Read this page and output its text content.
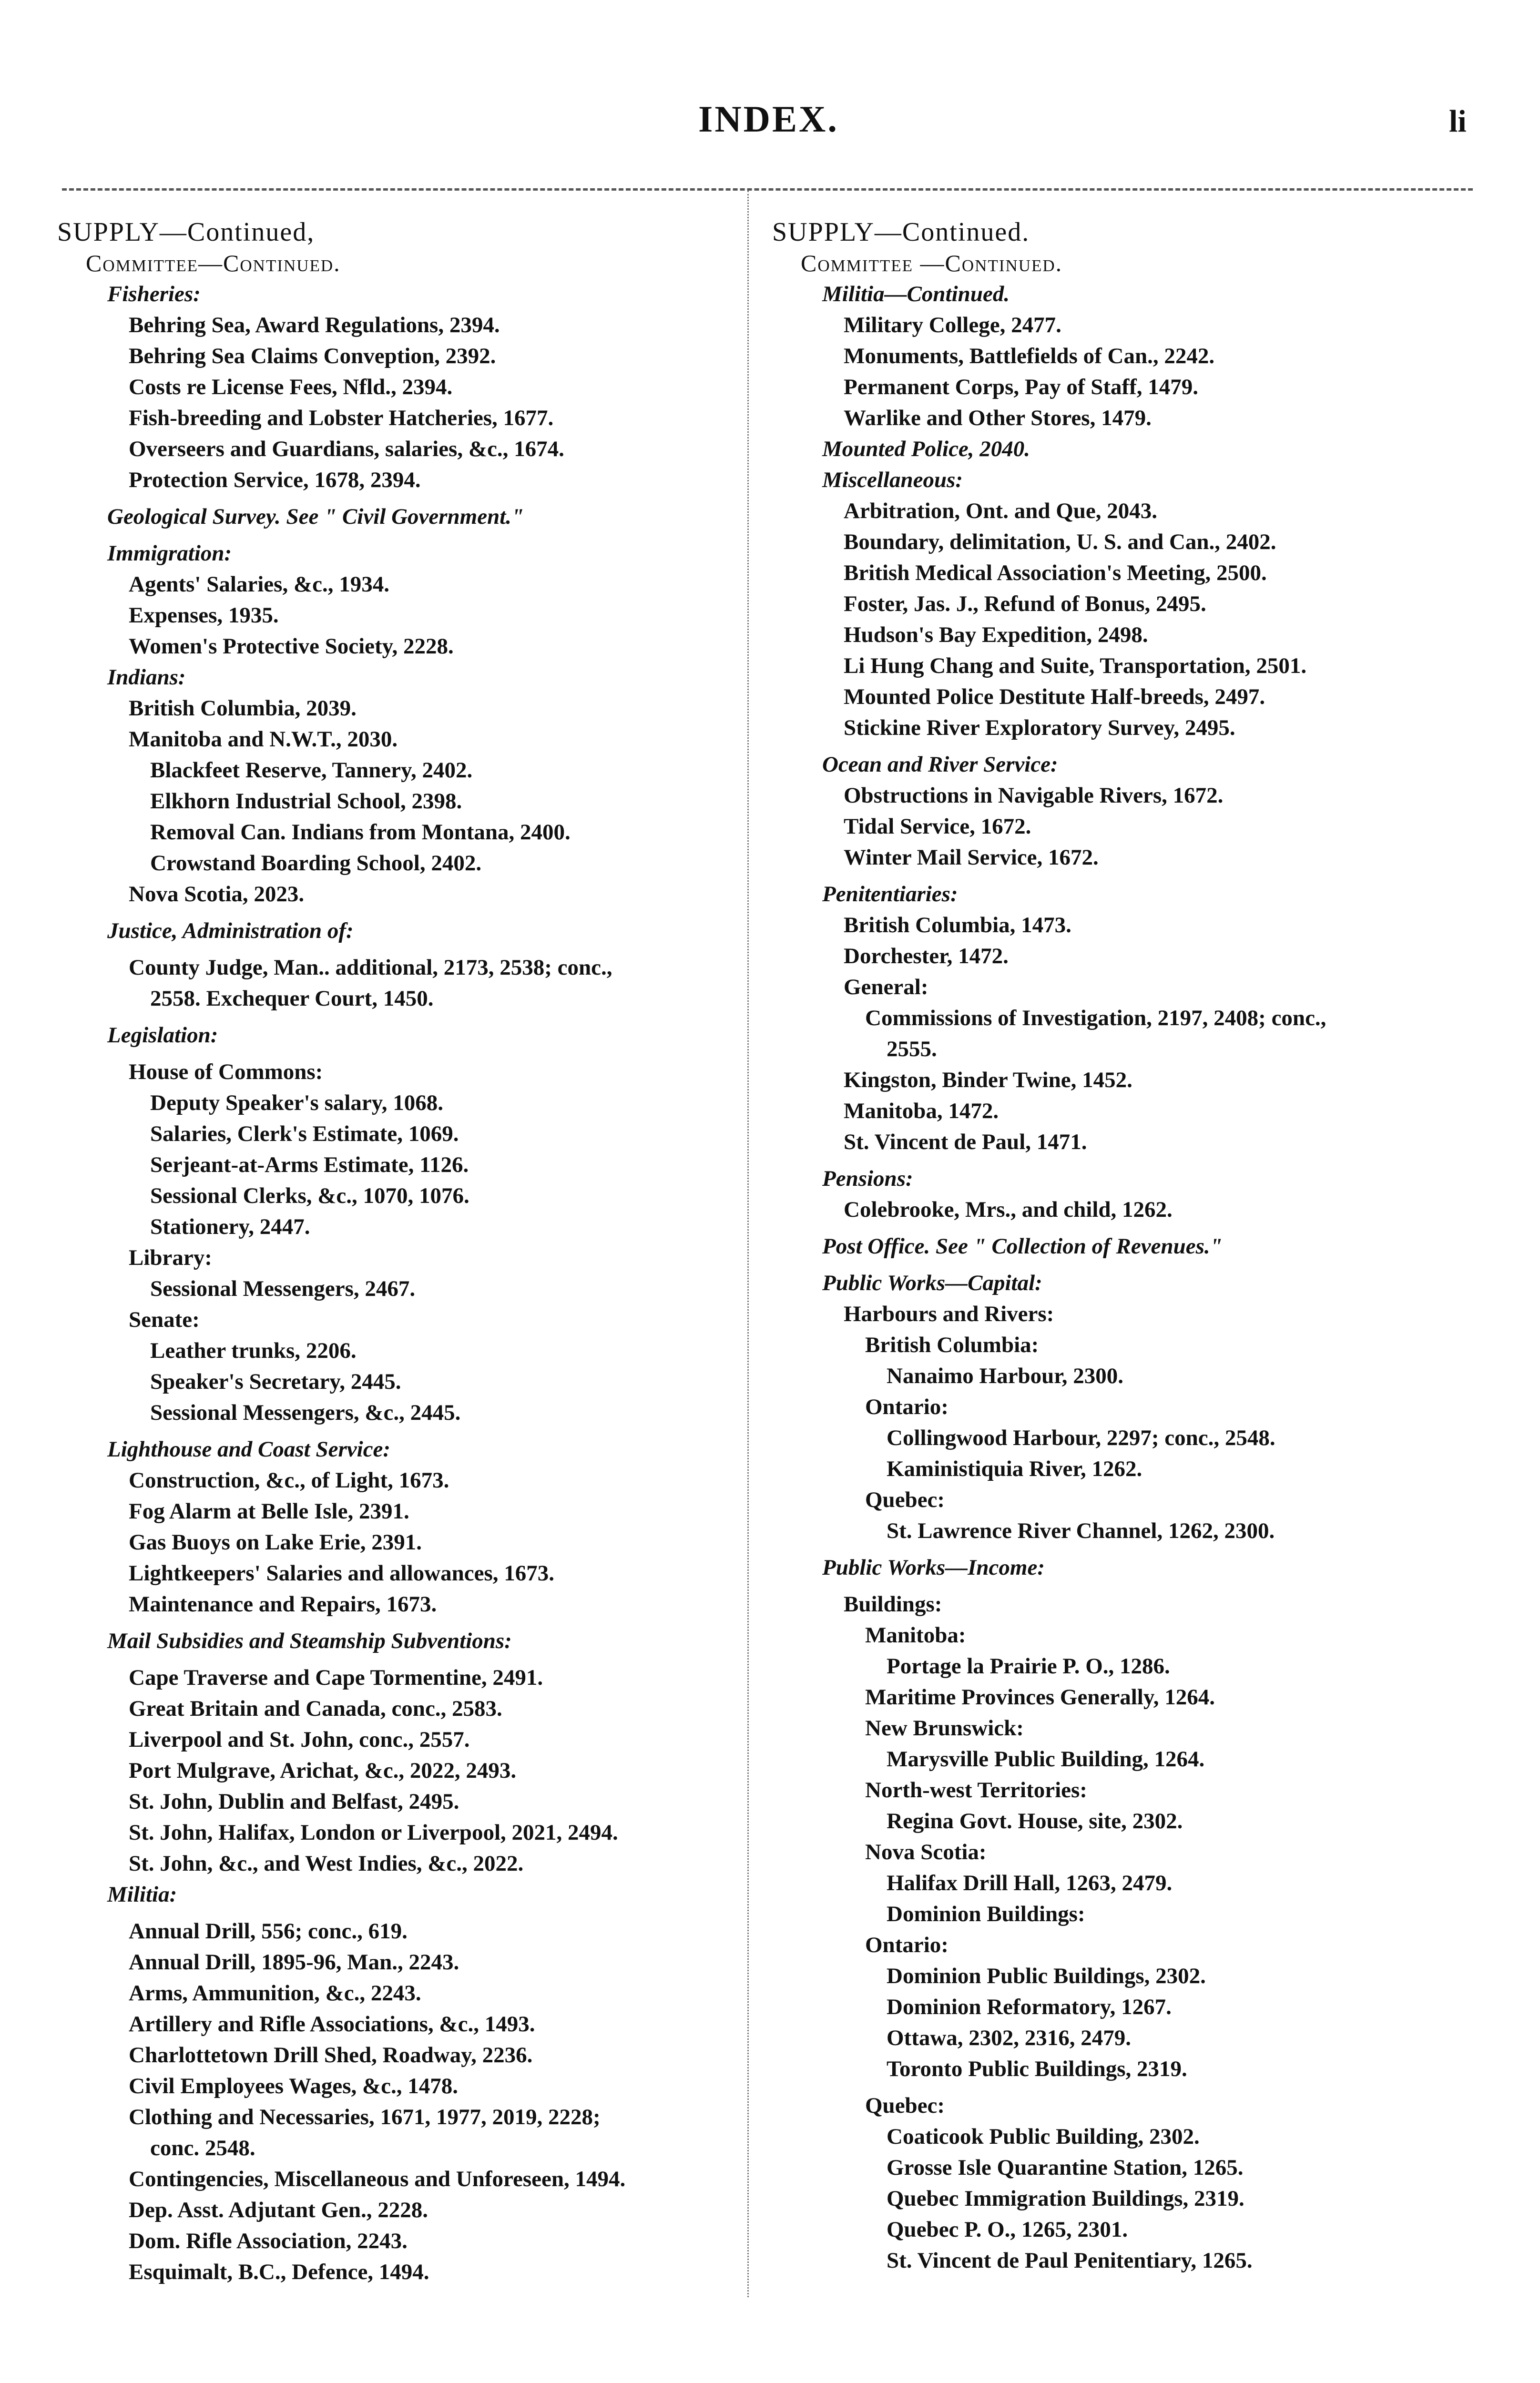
INDEX.	li
SUPPLY—Continued,
Committee—Continued.
Fisheries:
Behring Sea, Award Regulations, 2394.
Behring Sea Claims Conveption, 2392.
Costs re License Fees, Nfld., 2394.
Fish-breeding and Lobster Hatcheries, 1677.
Overseers and Guardians, salaries, &c., 1674.
Protection Service, 1678, 2394.
Geological Survey. See " Civil Government."
Immigration:
Agents' Salaries, &c., 1934.
Expenses, 1935.
Women's Protective Society, 2228.
Indians:
British Columbia, 2039.
Manitoba and N.W.T., 2030.
Blackfeet Reserve, Tannery, 2402.
Elkhorn Industrial School, 2398.
Removal Can. Indians from Montana, 2400.
Crowstand Boarding School, 2402.
Nova Scotia, 2023.
Justice, Administration of:
County Judge, Man.. additional, 2173, 2538; conc.,
2558. Exchequer Court, 1450.
Legislation:
House of Commons:
Deputy Speaker's salary, 1068.
Salaries, Clerk's Estimate, 1069.
Serjeant-at-Arms Estimate, 1126.
Sessional Clerks, &c., 1070, 1076.
Stationery, 2447.
Library:
Sessional Messengers, 2467.
Senate:
Leather trunks, 2206.
Speaker's Secretary, 2445.
Sessional Messengers, &c., 2445.
Lighthouse and Coast Service:
Construction, &c., of Light, 1673.
Fog Alarm at Belle Isle, 2391.
Gas Buoys on Lake Erie, 2391.
Lightkeepers' Salaries and allowances, 1673.
Maintenance and Repairs, 1673.
Mail Subsidies and Steamship Subventions:
Cape Traverse and Cape Tormentine, 2491.
Great Britain and Canada, conc., 2583.
Liverpool and St. John, conc., 2557.
Port Mulgrave, Arichat, &c., 2022, 2493.
St. John, Dublin and Belfast, 2495.
St. John, Halifax, London or Liverpool, 2021, 2494.
St. John, &c., and West Indies, &c., 2022.
Militia:
Annual Drill, 556; conc., 619.
Annual Drill, 1895-96, Man., 2243.
Arms, Ammunition, &c., 2243.
Artillery and Rifle Associations, &c., 1493.
Charlottetown Drill Shed, Roadway, 2236.
Civil Employees Wages, &c., 1478.
Clothing and Necessaries, 1671, 1977, 2019, 2228;
conc. 2548.
Contingencies, Miscellaneous and Unforeseen, 1494.
Dep. Asst. Adjutant Gen., 2228.
Dom. Rifle Association, 2243.
Esquimalt, B.C., Defence, 1494.
SUPPLY—Continued.
Committee —Continued.
Militia—Continued.
Military College, 2477.
Monuments, Battlefields of Can., 2242.
Permanent Corps, Pay of Staff, 1479.
Warlike and Other Stores, 1479.
Mounted Police, 2040.
Miscellaneous:
Arbitration, Ont. and Que, 2043.
Boundary, delimitation, U. S. and Can., 2402.
British Medical Association's Meeting, 2500.
Foster, Jas. J., Refund of Bonus, 2495.
Hudson's Bay Expedition, 2498.
Li Hung Chang and Suite, Transportation, 2501.
Mounted Police Destitute Half-breeds, 2497.
Stickine River Exploratory Survey, 2495.
Ocean and River Service:
Obstructions in Navigable Rivers, 1672.
Tidal Service, 1672.
Winter Mail Service, 1672.
Penitentiaries:
British Columbia, 1473.
Dorchester, 1472.
General:
Commissions of Investigation, 2197, 2408; conc.,
2555.
Kingston, Binder Twine, 1452.
Manitoba, 1472.
St. Vincent de Paul, 1471.
Pensions:
Colebrooke, Mrs., and child, 1262.
Post Office. See " Collection of Revenues."
Public Works—Capital:
Harbours and Rivers:
British Columbia:
Nanaimo Harbour, 2300.
Ontario:
Collingwood Harbour, 2297; conc., 2548.
Kaministiquia River, 1262.
Quebec:
St. Lawrence River Channel, 1262, 2300.
Public Works—Income:
Buildings:
Manitoba:
Portage la Prairie P. O., 1286.
Maritime Provinces Generally, 1264.
New Brunswick:
Marysville Public Building, 1264.
North-west Territories:
Regina Govt. House, site, 2302.
Nova Scotia:
Halifax Drill Hall, 1263, 2479.
Dominion Buildings:
Ontario:
Dominion Public Buildings, 2302.
Dominion Reformatory, 1267.
Ottawa, 2302, 2316, 2479.
Toronto Public Buildings, 2319.
Quebec:
Coaticook Public Building, 2302.
Grosse Isle Quarantine Station, 1265.
Quebec Immigration Buildings, 2319.
Quebec P. O., 1265, 2301.
St. Vincent de Paul Penitentiary, 1265.
